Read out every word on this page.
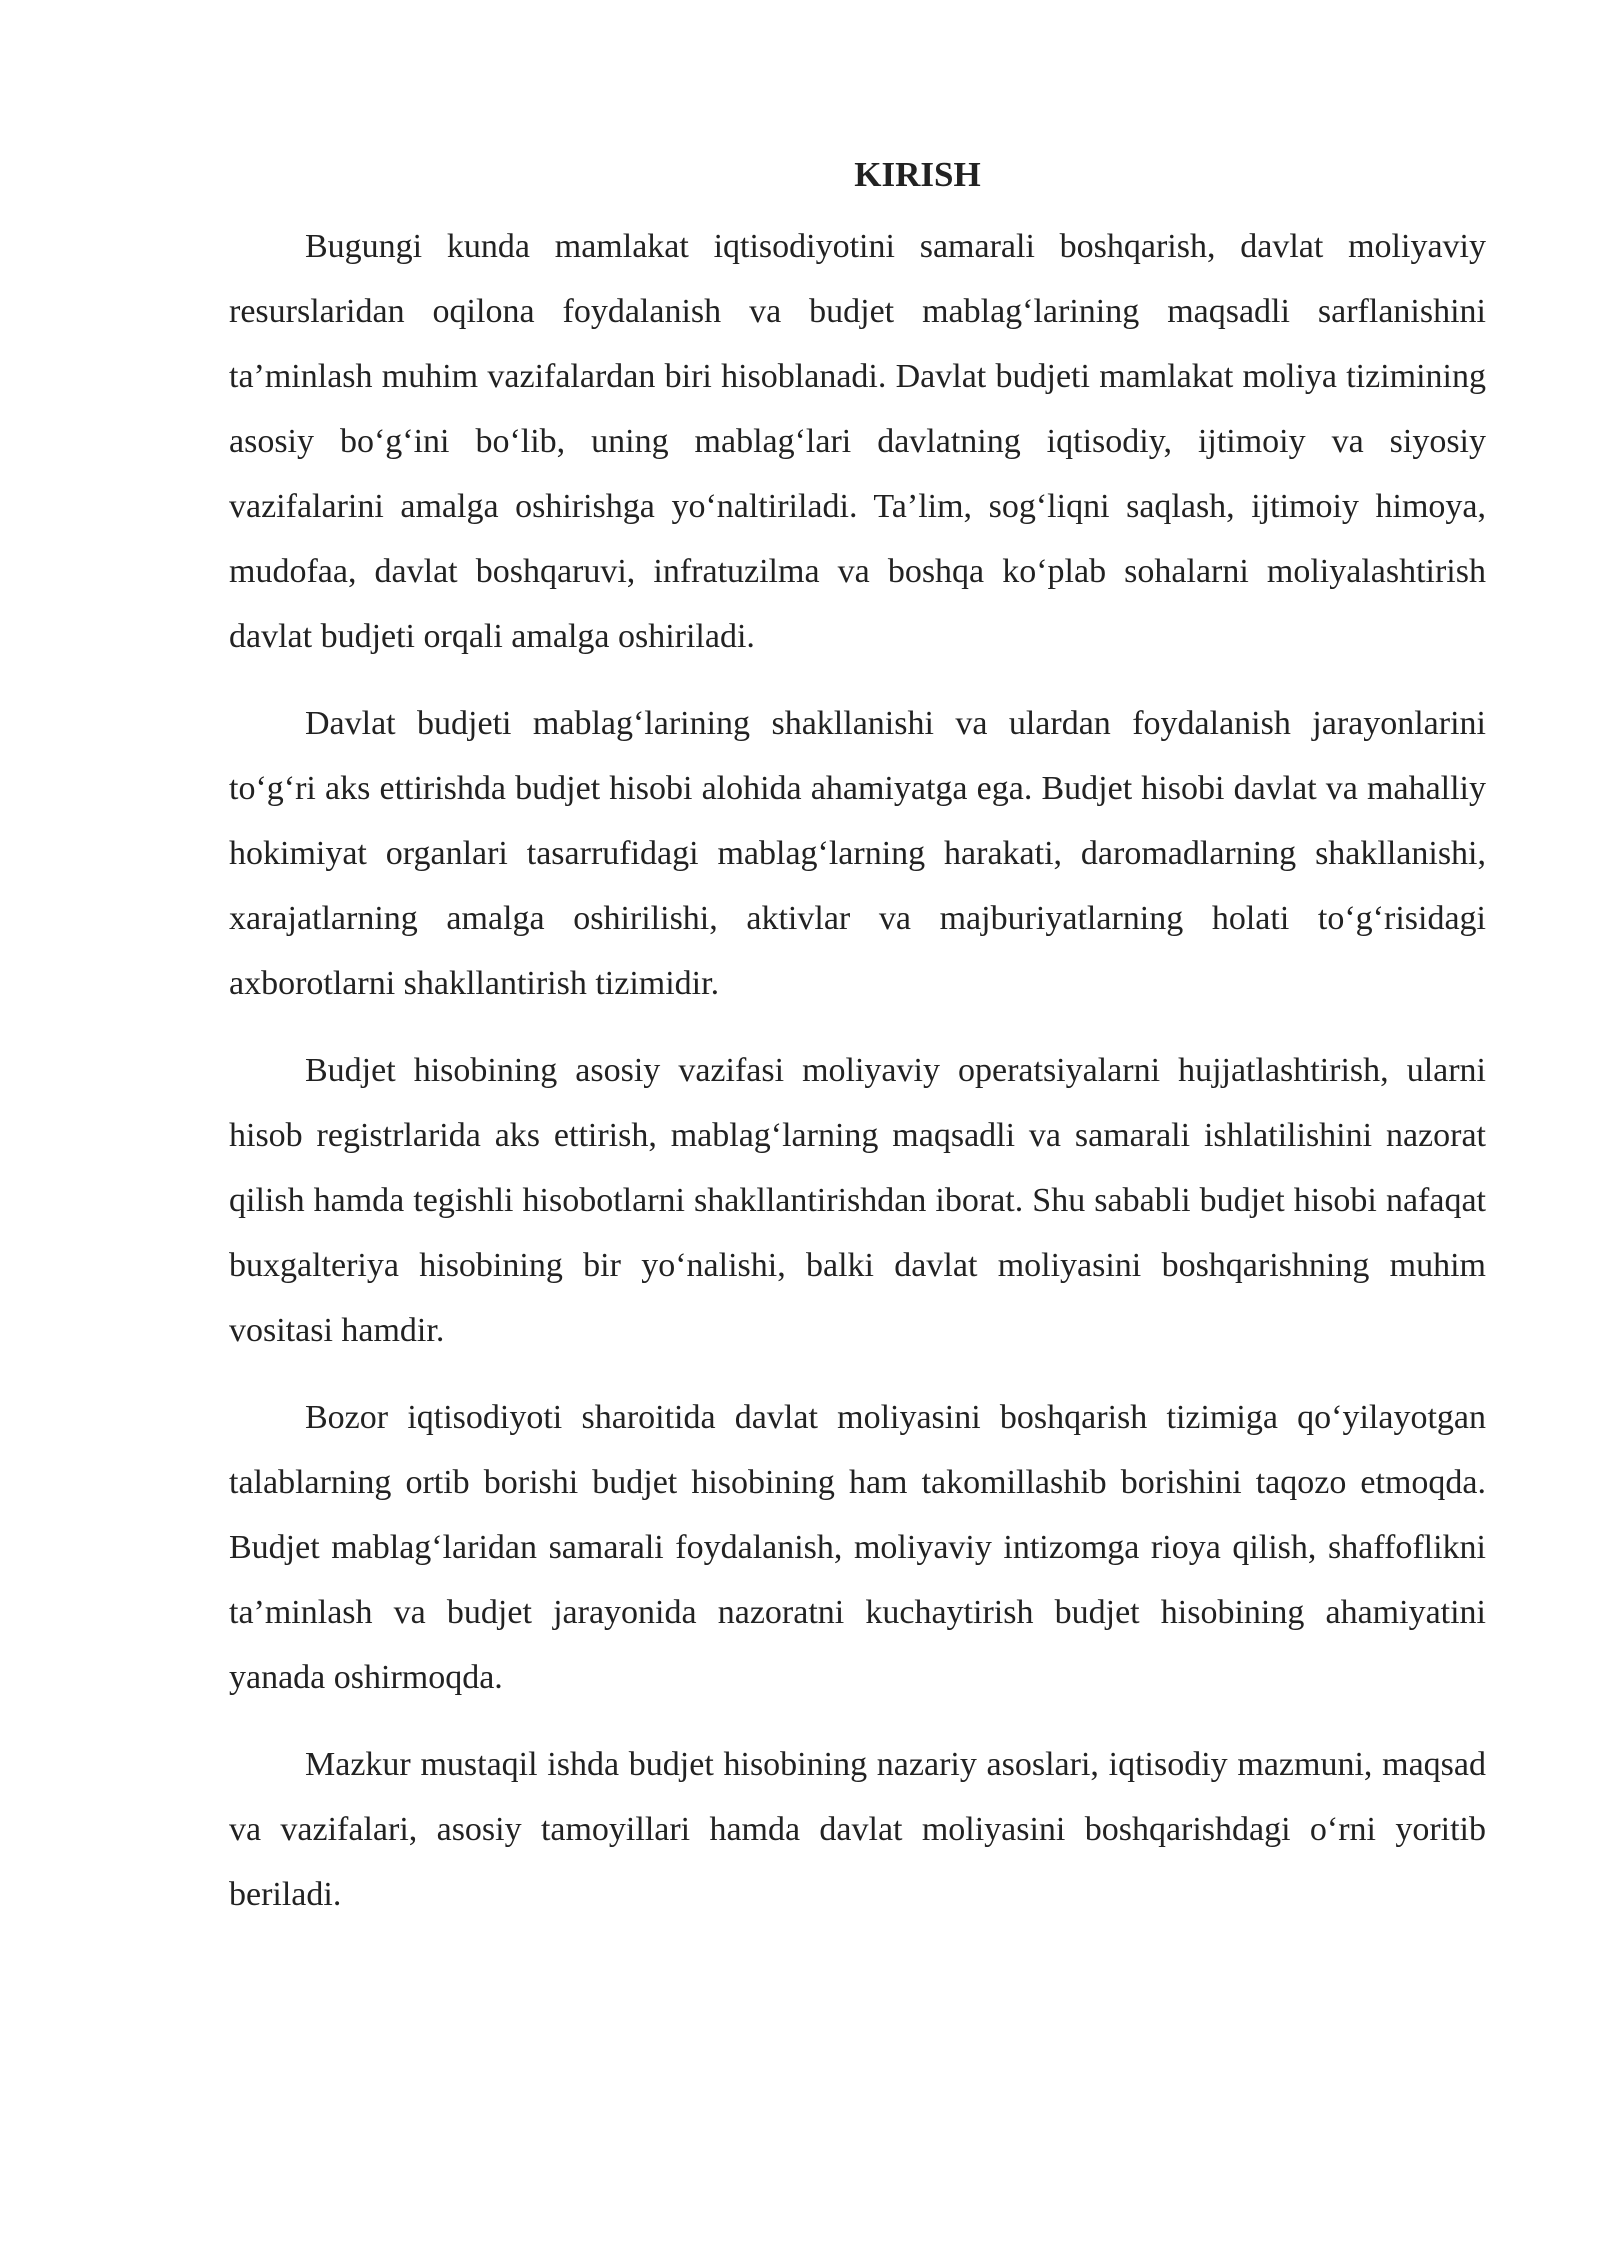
KIRISH

Bugungi kunda mamlakat iqtisodiyotini samarali boshqarish, davlat moliyaviy resurslaridan oqilona foydalanish va budjet mablag‘larining maqsadli sarflanishini ta’minlash muhim vazifalardan biri hisoblanadi. Davlat budjeti mamlakat moliya tizimining asosiy bo‘g‘ini bo‘lib, uning mablag‘lari davlatning iqtisodiy, ijtimoiy va siyosiy vazifalarini amalga oshirishga yo‘naltiriladi. Ta’lim, sog‘liqni saqlash, ijtimoiy himoya, mudofaa, davlat boshqaruvi, infratuzilma va boshqa ko‘plab sohalarni moliyalashtirish davlat budjeti orqali amalga oshiriladi.

Davlat budjeti mablag‘larining shakllanishi va ulardan foydalanish jarayonlarini to‘g‘ri aks ettirishda budjet hisobi alohida ahamiyatga ega. Budjet hisobi davlat va mahalliy hokimiyat organlari tasarrufidagi mablag‘larning harakati, daromadlarning shakllanishi, xarajatlarning amalga oshirilishi, aktivlar va majburiyatlarning holati to‘g‘risidagi axborotlarni shakllantirish tizimidir.

Budjet hisobining asosiy vazifasi moliyaviy operatsiyalarni hujjatlashtirish, ularni hisob registrlarida aks ettirish, mablag‘larning maqsadli va samarali ishlatilishini nazorat qilish hamda tegishli hisobotlarni shakllantirishdan iborat. Shu sababli budjet hisobi nafaqat buxgalteriya hisobining bir yo‘nalishi, balki davlat moliyasini boshqarishning muhim vositasi hamdir.

Bozor iqtisodiyoti sharoitida davlat moliyasini boshqarish tizimiga qo‘yilayotgan talablarning ortib borishi budjet hisobining ham takomillashib borishini taqozo etmoqda. Budjet mablag‘laridan samarali foydalanish, moliyaviy intizomga rioya qilish, shaffoflikni ta’minlash va budjet jarayonida nazoratni kuchaytirish budjet hisobining ahamiyatini yanada oshirmoqda.

Mazkur mustaqil ishda budjet hisobining nazariy asoslari, iqtisodiy mazmuni, maqsad va vazifalari, asosiy tamoyillari hamda davlat moliyasini boshqarishdagi o‘rni yoritib beriladi.
